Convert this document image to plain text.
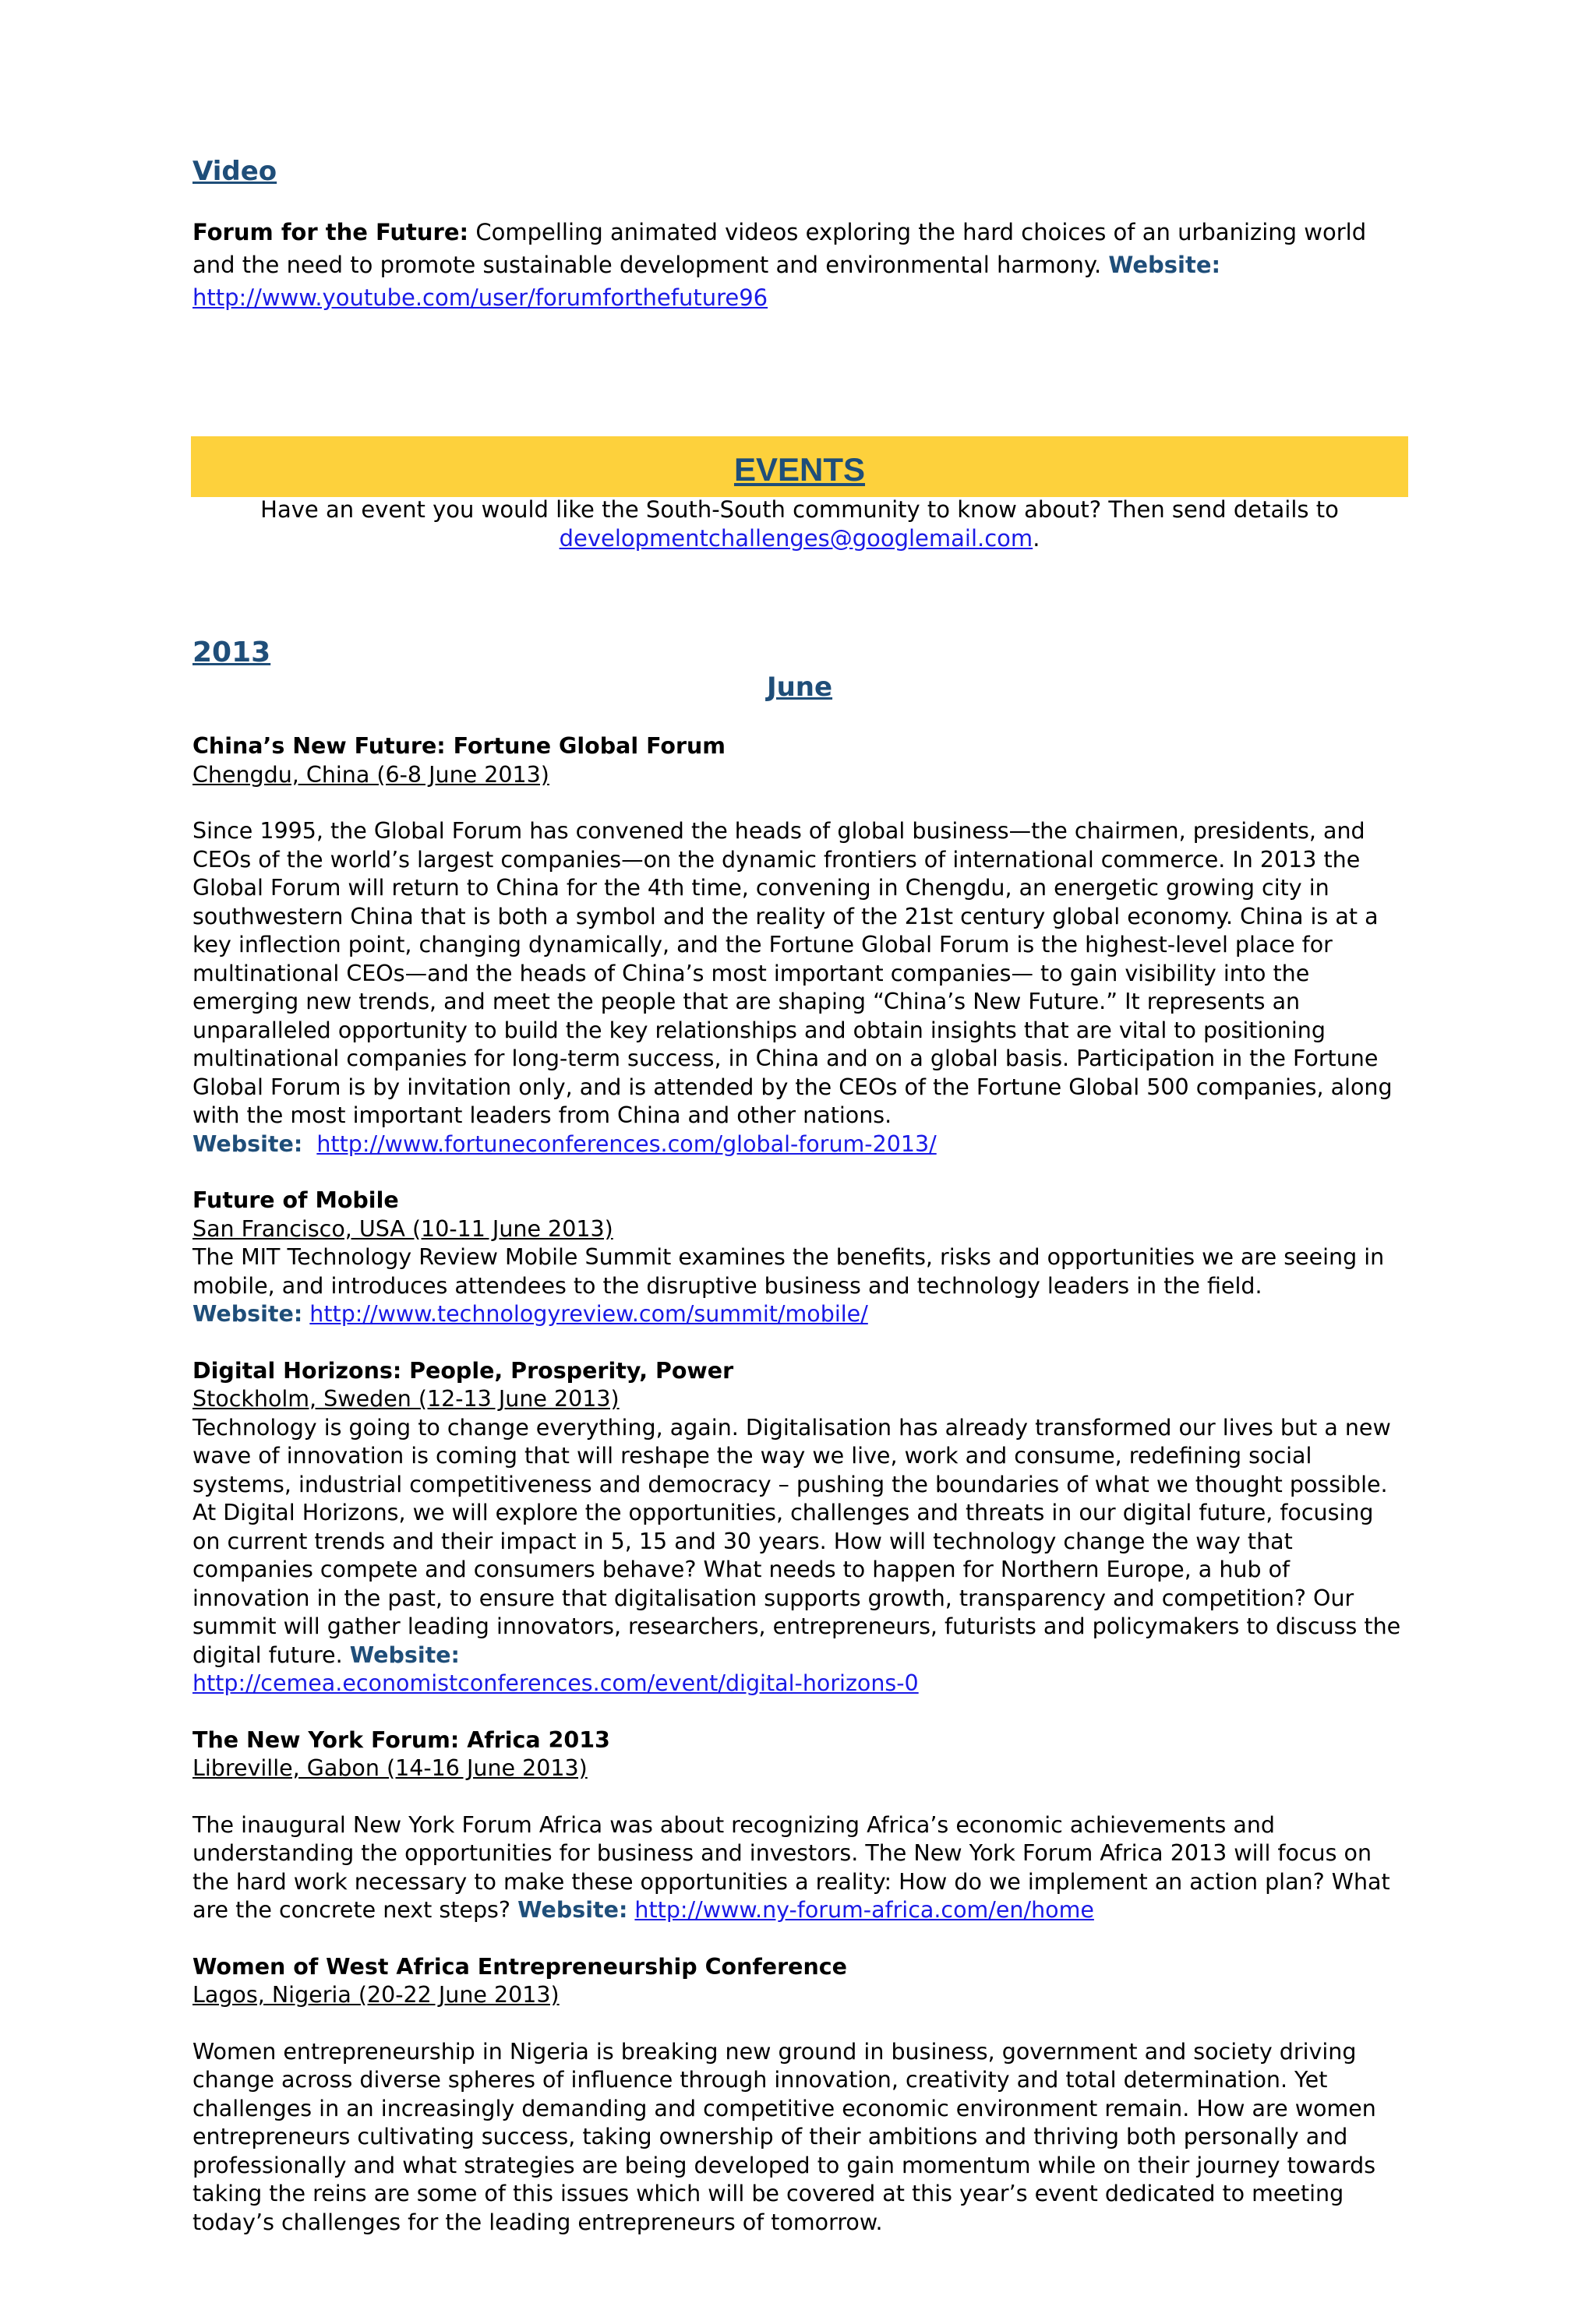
Video

Forum for the Future: Compelling animated videos exploring the hard choices of an urbanizing world and the need to promote sustainable development and environmental harmony. Website:
http://www.youtube.com/user/forumforthefuture96

EVENTS
Have an event you would like the South-South community to know about? Then send details to
developmentchallenges@googlemail.com.
2013
June

China’s New Future: Fortune Global Forum
Chengdu, China (6-8 June 2013)

Since 1995, the Global Forum has convened the heads of global business—the chairmen, presidents, and CEOs of the world’s largest companies—on the dynamic frontiers of international commerce. In 2013 the Global Forum will return to China for the 4th time, convening in Chengdu, an energetic growing city in southwestern China that is both a symbol and the reality of the 21st century global economy. China is at a key inflection point, changing dynamically, and the Fortune Global Forum is the highest-level place for multinational CEOs—and the heads of China’s most important companies— to gain visibility into the emerging new trends, and meet the people that are shaping “China’s New Future.” It represents an unparalleled opportunity to build the key relationships and obtain insights that are vital to positioning multinational companies for long-term success, in China and on a global basis. Participation in the Fortune Global Forum is by invitation only, and is attended by the CEOs of the Fortune Global 500 companies, along with the most important leaders from China and other nations.
Website: http://www.fortuneconferences.com/global-forum-2013/

Future of Mobile
San Francisco, USA (10-11 June 2013)
The MIT Technology Review Mobile Summit examines the benefits, risks and opportunities we are seeing in mobile, and introduces attendees to the disruptive business and technology leaders in the field.
Website: http://www.technologyreview.com/summit/mobile/

Digital Horizons: People, Prosperity, Power
Stockholm, Sweden (12-13 June 2013)
Technology is going to change everything, again. Digitalisation has already transformed our lives but a new wave of innovation is coming that will reshape the way we live, work and consume, redefining social systems, industrial competitiveness and democracy – pushing the boundaries of what we thought possible. At Digital Horizons, we will explore the opportunities, challenges and threats in our digital future, focusing on current trends and their impact in 5, 15 and 30 years. How will technology change the way that companies compete and consumers behave? What needs to happen for Northern Europe, a hub of innovation in the past, to ensure that digitalisation supports growth, transparency and competition? Our summit will gather leading innovators, researchers, entrepreneurs, futurists and policymakers to discuss the digital future. Website:
http://cemea.economistconferences.com/event/digital-horizons-0

The New York Forum: Africa 2013
Libreville, Gabon (14-16 June 2013)

The inaugural New York Forum Africa was about recognizing Africa’s economic achievements and understanding the opportunities for business and investors. The New York Forum Africa 2013 will focus on the hard work necessary to make these opportunities a reality: How do we implement an action plan? What are the concrete next steps? Website: http://www.ny-forum-africa.com/en/home

Women of West Africa Entrepreneurship Conference
Lagos, Nigeria (20-22 June 2013)

Women entrepreneurship in Nigeria is breaking new ground in business, government and society driving change across diverse spheres of influence through innovation, creativity and total determination. Yet challenges in an increasingly demanding and competitive economic environment remain. How are women entrepreneurs cultivating success, taking ownership of their ambitions and thriving both personally and professionally and what strategies are being developed to gain momentum while on their journey towards taking the reins are some of this issues which will be covered at this year’s event dedicated to meeting today’s challenges for the leading entrepreneurs of tomorrow.
